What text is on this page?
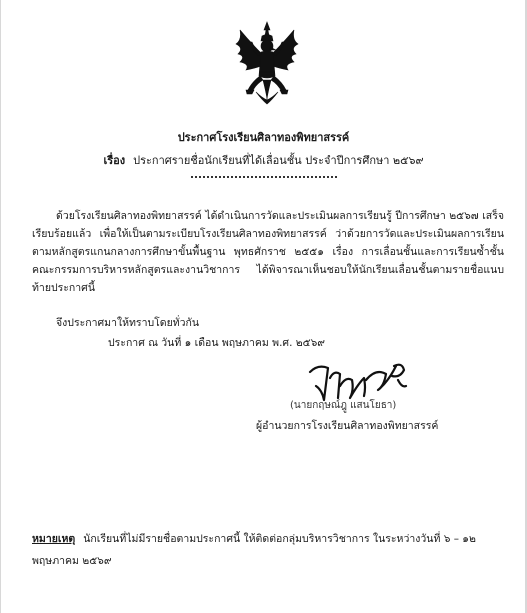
ประกาศโรงเรียนศิลาทองพิทยาสรรค์
เรื่อง ประกาศรายชื่อนักเรียนที่ได้เลื่อนชั้น ประจำปีการศึกษา ๒๕๖๙
ด้วยโรงเรียนศิลาทองพิทยาสรรค์ ได้ดำเนินการวัดและประเมินผลการเรียนรู้ ปีการศึกษา ๒๕๖๗ เสร็จเรียบร้อยแล้ว เพื่อให้เป็นตามระเบียบโรงเรียนศิลาทองพิทยาสรรค์ ว่าด้วยการวัดและประเมินผลการเรียน ตามหลักสูตรแกนกลางการศึกษาขั้นพื้นฐาน พุทธศักราช ๒๕๕๑ เรื่อง การเลื่อนชั้นและการเรียนซ้ำชั้น คณะกรรมการบริหารหลักสูตรและงานวิชาการ ได้พิจารณาเห็นชอบให้นักเรียนเลื่อนชั้นตามรายชื่อแนบท้ายประกาศนี้
จึงประกาศมาให้ทราบโดยทั่วกัน
ประกาศ ณ วันที่ ๑ เดือน พฤษภาคม พ.ศ. ๒๕๖๙
(นายกฤษณ์ฎู แสนโยธา)
ผู้อำนวยการโรงเรียนศิลาทองพิทยาสรรค์
หมายเหตุ นักเรียนที่ไม่มีรายชื่อตามประกาศนี้ ให้ติดต่อกลุ่มบริหารวิชาการ ในระหว่างวันที่ ๖ – ๑๒ พฤษภาคม ๒๕๖๙
